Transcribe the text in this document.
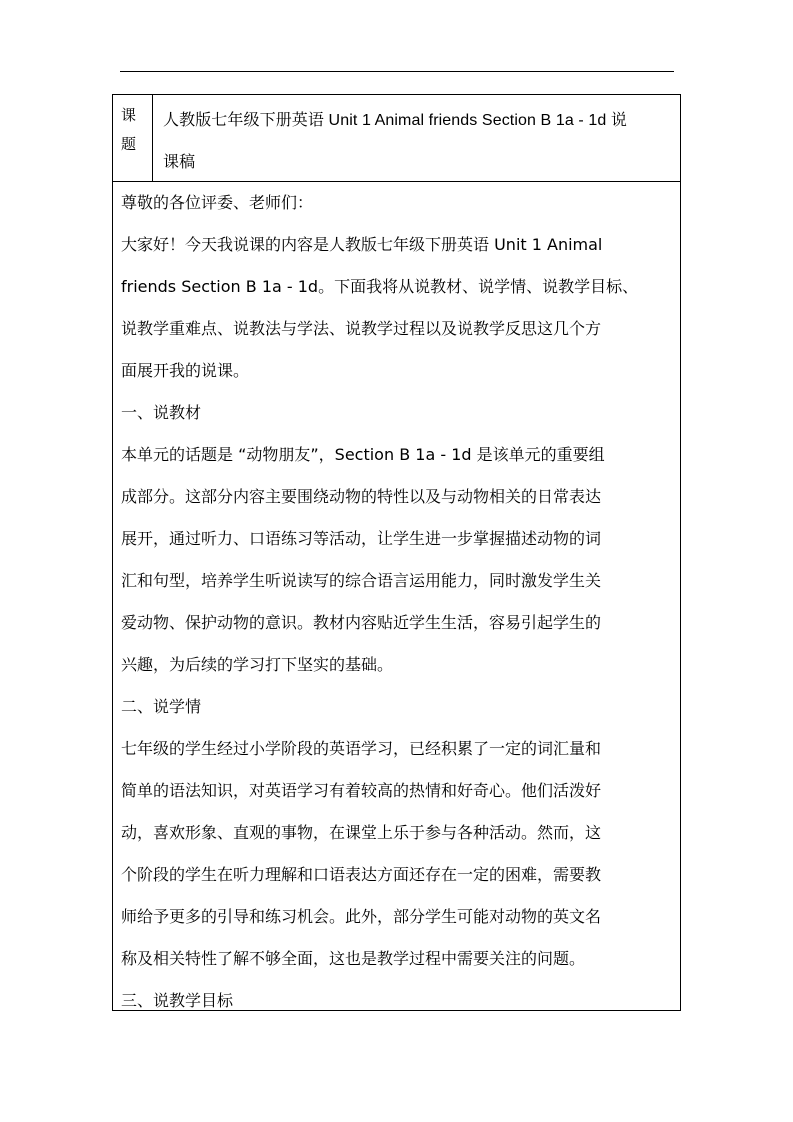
课
题
人教版七年级下册英语 Unit 1 Animal friends Section B 1a - 1d 说
课稿
尊敬的各位评委、老师们：
大家好！今天我说课的内容是人教版七年级下册英语 Unit 1 Animal
friends Section B 1a - 1d。下面我将从说教材、说学情、说教学目标、
说教学重难点、说教法与学法、说教学过程以及说教学反思这几个方
面展开我的说课。
一、说教材
本单元的话题是 “动物朋友”，Section B 1a - 1d 是该单元的重要组
成部分。这部分内容主要围绕动物的特性以及与动物相关的日常表达
展开，通过听力、口语练习等活动，让学生进一步掌握描述动物的词
汇和句型，培养学生听说读写的综合语言运用能力，同时激发学生关
爱动物、保护动物的意识。教材内容贴近学生生活，容易引起学生的
兴趣，为后续的学习打下坚实的基础。
二、说学情
七年级的学生经过小学阶段的英语学习，已经积累了一定的词汇量和
简单的语法知识，对英语学习有着较高的热情和好奇心。他们活泼好
动，喜欢形象、直观的事物，在课堂上乐于参与各种活动。然而，这
个阶段的学生在听力理解和口语表达方面还存在一定的困难，需要教
师给予更多的引导和练习机会。此外，部分学生可能对动物的英文名
称及相关特性了解不够全面，这也是教学过程中需要关注的问题。
三、说教学目标
